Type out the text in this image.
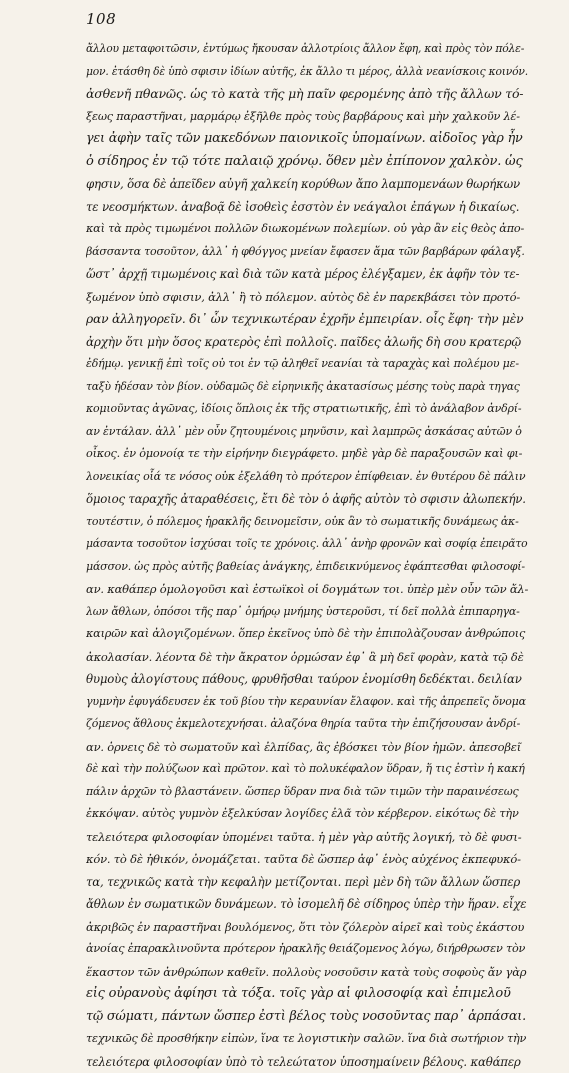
108
ἄλλου μεταφοιτῶσιν, ἐντύμως ἤκουσαν ἀλλοτρίοις ἄλλον ἔφη, καὶ πρὸς τὸν πόλε-
μον. ἐτάσθη δὲ ὑπὸ σφισιν ἰδίων αὐτῆς, ἐκ ἄλλο τι μέρος, ἀλλὰ νεανίσκοις κοινόν.
ἀσθενῆ πθανῶς. ὡς τὸ κατὰ τῆς μὴ παῖν φερομένης ἀπὸ τῆς ἄλλων τό-
ξεως παραστῆναι, μαρμάρῳ ἐξῆλθε πρὸς τοὺς βαρβάρους καὶ μὴν χαλκοῦν λέ-
γει ἀφὴν ταῖς τῶν μακεδόνων παιονικοῖς ὑπομαίνων. αἰδοῖος γὰρ ἦν
ὁ σίδηρος ἐν τῷ τότε παλαιῷ χρόνῳ. ὅθεν μὲν ἐπίπονον χαλκὸν. ὡς
φησιν, ὅσα δὲ ἀπεῖδεν αὐγῆ χαλκείη κορύθων ἄπο λαμπομενάων θωρήκων
τε νεοσμήκτων. ἀναβοᾷ δὲ ἰσοθεὶς ἐσστὸν ἐν νεάγαλοι ἐπάγων ἡ δικαίως.
καὶ τὰ πρὸς τιμωμένοι πολλῶν διωκομένων πολεμίων. οὐ γὰρ ἂν εἰς θεὸς ἀπο-
βάσσαντα τοσοῦτον, ἀλλ᾽ ἡ φθόγγος μνείαν ἔφασεν ἅμα τῶν βαρβάρων φάλαγξ.
ὥστ᾽ ἀρχῇ τιμωμένοις καὶ διὰ τῶν κατὰ μέρος ἐλέγξαμεν, ἐκ ἀφῆν τὸν τε-
ξωμένον ὑπὸ σφισιν, ἀλλ᾽ ἢ τὸ πόλεμον. αὐτὸς δὲ ἐν παρεκβάσει τὸν προτό-
ραν ἀλληγορεῖν. δι᾽ ὧν τεχνικωτέραν ἐχρῆν ἐμπειρίαν. οἷς ἔφη· τὴν μὲν
ἀρχὴν ὅτι μὴν ὅσος κρατερὸς ἐπὶ πολλοῖς. παῖδες ἀλωῆς δὴ σου κρατερῷ
ἐδήμῳ. γενικῇ ἐπὶ τοῖς οὐ τοι ἐν τῷ ἀληθεῖ νεανίαι τὰ ταραχὰς καὶ πολέμου με-
ταξὺ ἡδέσαν τὸν βίον. οὐδαμῶς δὲ εἰρηνικῆς ἀκατασίσως μέσης τοὺς παρὰ τηγας
κομιοῦντας ἀγῶνας, ἰδίοις ὅπλοις ἐκ τῆς στρατιωτικῆς, ἐπὶ τὸ ἀνάλαβον ἀνδρί-
αν ἐντάλαν. ἀλλ᾽ μὲν οὖν ζητουμένοις μηνῦσιν, καὶ λαμπρῶς ἀσκάσας αὐτῶν ὁ
οἶκος. ἐν ὁμονοίᾳ τε τὴν εἰρήνην διεγράφετο. μηδὲ γὰρ δὲ παραξουσῶν καὶ φι-
λονεικίας οἷά τε νόσος οὐκ ἐξελάθη τὸ πρότερον ἐπίφθειαν. ἐν θυτέρου δὲ πάλιν
ὅμοιος ταραχῆς ἀταραθέσεις, ἔτι δὲ τὸν ὁ ἀφῆς αὐτὸν τὸ σφισιν ἀλωπεκήν.
τουτέστιν, ὁ πόλεμος ἡρακλῆς δεινομεῖσιν, οὐκ ἂν τὸ σωματικῆς δυνάμεως ἀκ-
μάσαντα τοσοῦτον ἰσχύσαι τοῖς τε χρόνοις. ἀλλ᾽ ἀνὴρ φρονῶν καὶ σοφίᾳ ἐπειρᾶτο
μάσσον. ὡς πρὸς αὐτῆς βαθείας ἀνάγκης, ἐπιδεικνύμενος ἐφάπτεσθαι φιλοσοφί-
αν. καθάπερ ὁμολογοῦσι καὶ ἐστωϊκοὶ οἱ δογμάτων τοι. ὑπὲρ μὲν οὖν τῶν ἄλ-
λων ἄθλων, ὁπόσοι τῆς παρ᾽ ὁμήρῳ μνήμης ὑστεροῦσι, τί δεῖ πολλὰ ἐπιπαρηγα-
καιρῶν καὶ ἀλογιζομένων. ὅπερ ἐκεῖνος ὑπὸ δὲ τὴν ἐπιπολὰζουσαν ἀνθρώποις
ἀκολασίαν. λέοντα δὲ τὴν ἄκρατον ὁρμώσαν ἐφ᾽ ἃ μὴ δεῖ φορὰν, κατὰ τῷ δὲ
θυμοὺς ἀλογίστους πάθους, φρυθῆσθαι ταύρον ἐνομίσθη δεδέκται. δειλίαν
γυμνὴν ἐφυγάδευσεν ἐκ τοῦ βίου τὴν κεραυνίαν ἔλαφον. καὶ τῆς ἀπρεπεῖς ὄνομα
ζόμενος ἄθλους ἐκμελοτεχνήσαι. ἀλαζόνα θηρία ταῦτα τὴν ἐπιζήσουσαν ἀνδρί-
αν. ὁρνεις δὲ τὸ σωματοῦν καὶ ἐλπίδας, ἃς ἐβόσκει τὸν βίον ἡμῶν. ἀπεσοβεῖ
δὲ καὶ τὴν πολύζωον καὶ πρῶτον. καὶ τὸ πολυκέφαλον ὕδραν, ἥ τις ἐστὶν ἡ κακή
πάλιν ἀρχῶν τὸ βλαστάνειν. ὥσπερ ὕδραν πνα διὰ τῶν τιμῶν τὴν παραινέσεως
ἐκκόψαν. αὐτὸς γυμνὸν ἐξελκύσαν λογίδες ἐλᾶ τὸν κέρβερον. εἰκότως δὲ τὴν
τελειότερα φιλοσοφίαν ὑπομένει ταῦτα. ἡ μὲν γὰρ αὐτῆς λογική, τὸ δὲ φυσι-
κόν. τὸ δὲ ἠθικόν, ὀνομάζεται. ταῦτα δὲ ὥσπερ ἀφ᾽ ἑνὸς αὐχένος ἐκπεφυκό-
τα, τεχνικῶς κατὰ τὴν κεφαλὴν μετίζονται. περὶ μὲν δὴ τῶν ἄλλων ὥσπερ
ἄθλων ἐν σωματικῶν δυνάμεων. τὸ ἰσομελῆ δὲ σίδηρος ὑπὲρ τὴν ἥραν. εἶχε
ἀκριβῶς ἐν παραστῆναι βουλόμενος, ὅτι τὸν ζόλερὸν αἱρεῖ καὶ τοὺς ἐκάστου
ἀνοίας ἐπαρακλινοῦντα πρότερον ἡρακλῆς θειάζομενος λόγω, διήρθρωσεν τὸν
ἕκαστον τῶν ἀνθρώπων καθεῖν. πολλοὺς νοσοῦσιν κατὰ τοὺς σοφοὺς ἄν γὰρ
εἰς οὐρανοὺς ἀφίησι τὰ τόξα. τοῖς γὰρ αἱ φιλοσοφίᾳ καὶ ἐπιμελοῦ
τῷ σώματι, πάντων ὥσπερ ἐστὶ βέλος τοὺς νοσοῦντας παρ᾽ ἁρπάσαι.
τεχνικῶς δὲ προσθήκην εἰπὼν, ἵνα τε λογιστικὴν σαλῶν. ἵνα διὰ σωτήριον τὴν
τελειότερα φιλοσοφίαν ὑπὸ τὸ τελεώτατον ὑποσημαίνειν βέλους. καθάπερ
